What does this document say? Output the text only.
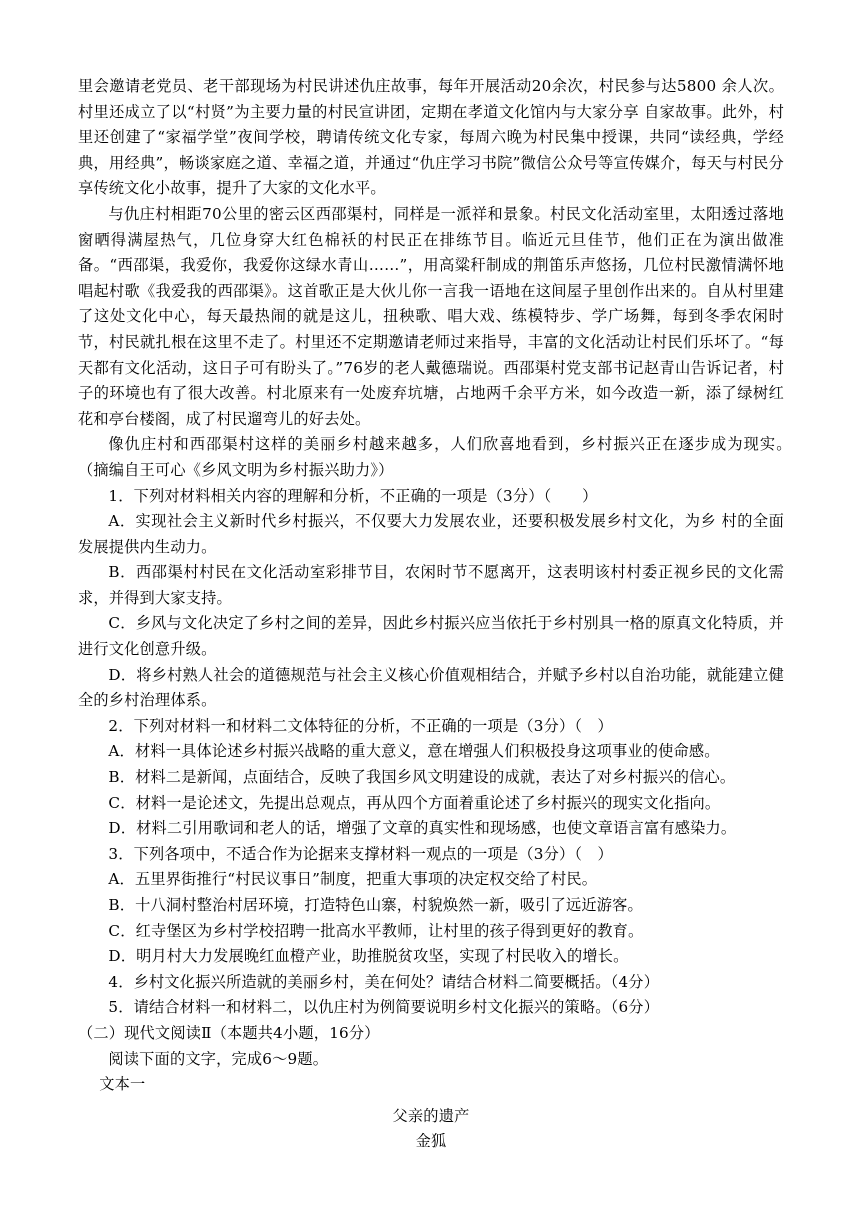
里会邀请老党员、老干部现场为村民讲述仇庄故事，每年开展活动20余次，村民参与达5800 余人次。村里还成立了以“村贤”为主要力量的村民宣讲团，定期在孝道文化馆内与大家分享 自家故事。此外，村里还创建了“家福学堂”夜间学校，聘请传统文化专家，每周六晚为村民集中授课，共同“读经典，学经典，用经典”，畅谈家庭之道、幸福之道，并通过“仇庄学习书院”微信公众号等宣传媒介，每天与村民分享传统文化小故事，提升了大家的文化水平。

与仇庄村相距70公里的密云区西邵渠村，同样是一派祥和景象。村民文化活动室里，太阳透过落地窗晒得满屋热气，几位身穿大红色棉袄的村民正在排练节目。临近元旦佳节，他们正在为演出做准备。“西邵渠，我爱你，我爱你这绿水青山……”，用高粱秆制成的荆笛乐声悠扬，几位村民激情满怀地唱起村歌《我爱我的西邵渠》。这首歌正是大伙儿你一言我一语地在这间屋子里创作出来的。自从村里建了这处文化中心，每天最热闹的就是这儿，扭秧歌、唱大戏、练模特步、学广场舞，每到冬季农闲时节，村民就扎根在这里不走了。村里还不定期邀请老师过来指导，丰富的文化活动让村民们乐坏了。“每天都有文化活动，这日子可有盼头了。”76岁的老人戴德瑞说。西邵渠村党支部书记赵青山告诉记者，村子的环境也有了很大改善。村北原来有一处废弃坑塘，占地两千余平方米，如今改造一新，添了绿树红花和亭台楼阁，成了村民遛弯儿的好去处。

像仇庄村和西邵渠村这样的美丽乡村越来越多，人们欣喜地看到，乡村振兴正在逐步成为现实。　　（摘编自王可心《乡风文明为乡村振兴助力》）

1．下列对材料相关内容的理解和分析，不正确的一项是（3分）（　　）

A．实现社会主义新时代乡村振兴，不仅要大力发展农业，还要积极发展乡村文化，为乡 村的全面发展提供内生动力。

B．西邵渠村村民在文化活动室彩排节目，农闲时节不愿离开，这表明该村村委正视乡民的文化需求，并得到大家支持。

C．乡风与文化决定了乡村之间的差异，因此乡村振兴应当依托于乡村别具一格的原真文化特质，并进行文化创意升级。

D．将乡村熟人社会的道德规范与社会主义核心价值观相结合，并赋予乡村以自治功能，就能建立健全的乡村治理体系。

2．下列对材料一和材料二文体特征的分析，不正确的一项是（3分）（　）

A．材料一具体论述乡村振兴战略的重大意义，意在增强人们积极投身这项事业的使命感。

B．材料二是新闻，点面结合，反映了我国乡风文明建设的成就，表达了对乡村振兴的信心。

C．材料一是论述文，先提出总观点，再从四个方面着重论述了乡村振兴的现实文化指向。

D．材料二引用歌词和老人的话，增强了文章的真实性和现场感，也使文章语言富有感染力。

3．下列各项中，不适合作为论据来支撑材料一观点的一项是（3分）（　）

A．五里界街推行“村民议事日”制度，把重大事项的决定权交给了村民。

B．十八洞村整治村居环境，打造特色山寨，村貌焕然一新，吸引了远近游客。

C．红寺堡区为乡村学校招聘一批高水平教师，让村里的孩子得到更好的教育。

D．明月村大力发展晚红血橙产业，助推脱贫攻坚，实现了村民收入的增长。

4．乡村文化振兴所造就的美丽乡村，美在何处？请结合材料二简要概括。（4分）

5．请结合材料一和材料二，以仇庄村为例简要说明乡村文化振兴的策略。（6分）

（二）现代文阅读Ⅱ（本题共4小题，16分）

阅读下面的文字，完成6～9题。

文本一

父亲的遗产

金狐
